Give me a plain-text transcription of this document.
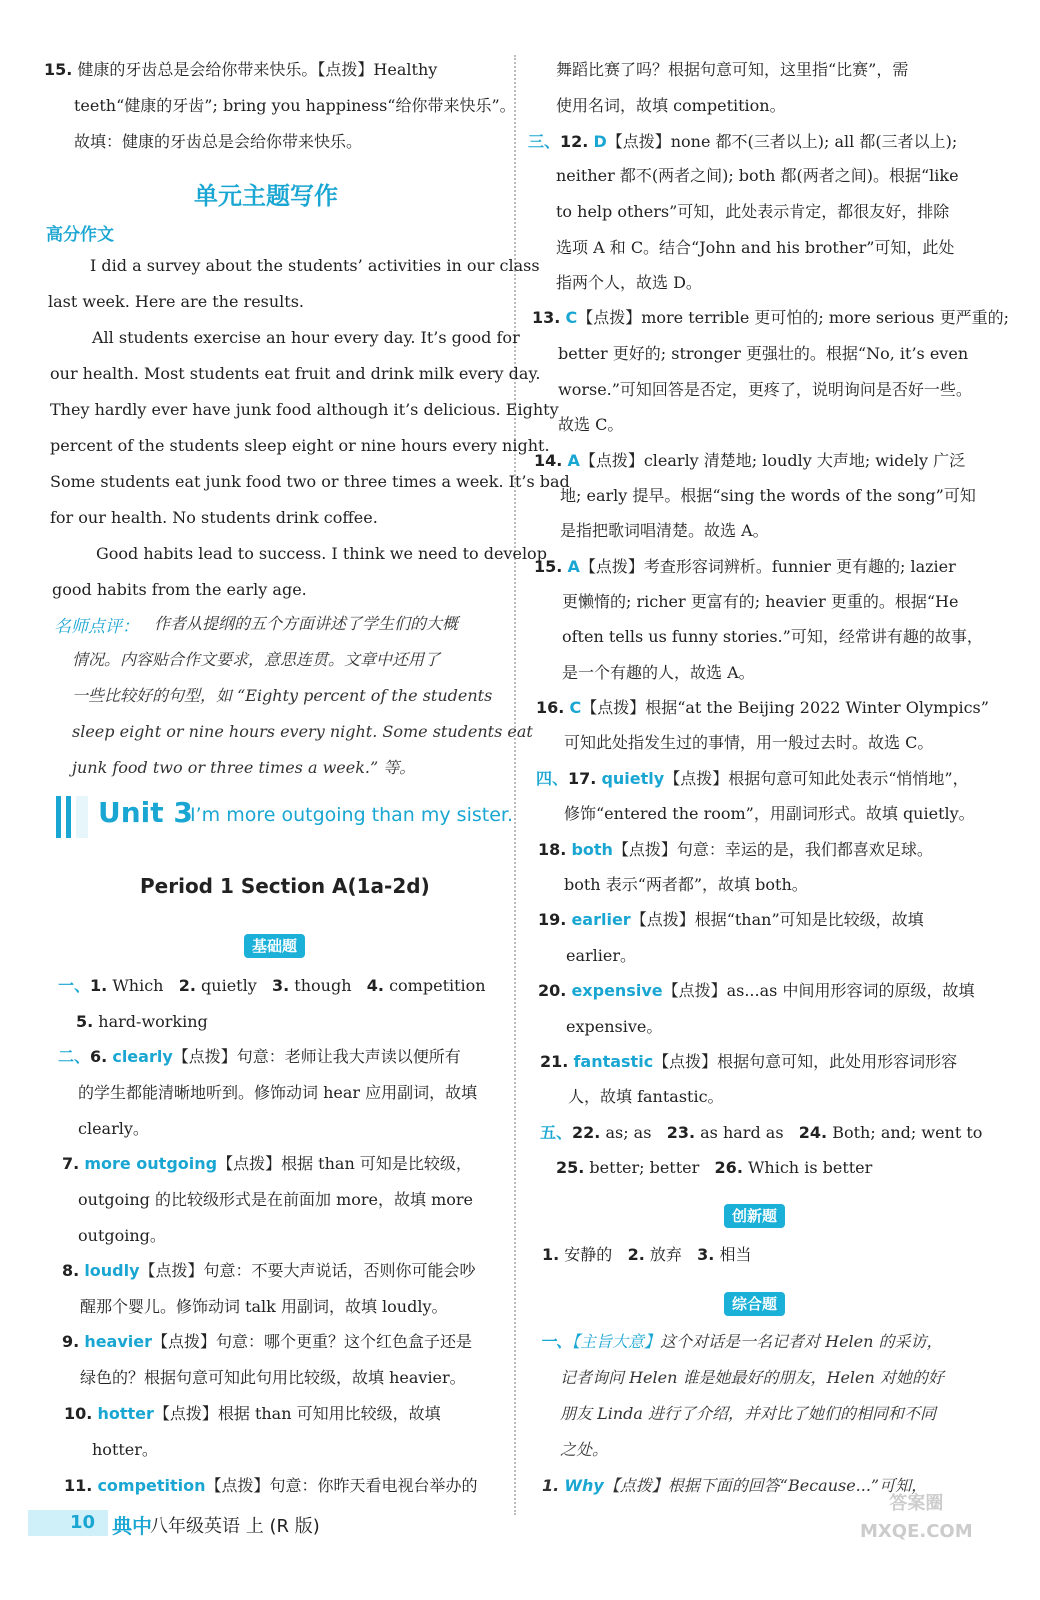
15. 健康的牙齿总是会给你带来快乐。【点拨】Healthy
teeth“健康的牙齿”; bring you happiness“给你带来快乐”。
故填：健康的牙齿总是会给你带来快乐。
I did a survey about the students’ activities in our class
last week. Here are the results.
All students exercise an hour every day. It’s good for
our health. Most students eat fruit and drink milk every day.
They hardly ever have junk food although it’s delicious. Eighty
percent of the students sleep eight or nine hours every night.
Some students eat junk food two or three times a week. It’s bad
for our health. No students drink coffee.
Good habits lead to success. I think we need to develop
good habits from the early age.
作者从提纲的五个方面讲述了学生们的大概
情况。内容贴合作文要求，意思连贯。文章中还用了
一些比较好的句型，如 “Eighty percent of the students
sleep eight or nine hours every night. Some students eat
junk food two or three times a week.” 等。
一、1. Which   2. quietly   3. though   4. competition
5. hard-working
二、6. clearly【点拨】句意：老师让我大声读以便所有
的学生都能清晰地听到。修饰动词 hear 应用副词，故填
clearly。
7. more outgoing【点拨】根据 than 可知是比较级，
outgoing 的比较级形式是在前面加 more，故填 more
outgoing。
8. loudly【点拨】句意：不要大声说话，否则你可能会吵
醒那个婴儿。修饰动词 talk 用副词，故填 loudly。
9. heavier【点拨】句意：哪个更重？这个红色盒子还是
绿色的？根据句意可知此句用比较级，故填 heavier。
10. hotter【点拨】根据 than 可知用比较级，故填
hotter。
11. competition【点拨】句意：你昨天看电视台举办的
舞蹈比赛了吗？根据句意可知，这里指“比赛”，需
使用名词，故填 competition。
三、12. D【点拨】none 都不(三者以上); all 都(三者以上);
neither 都不(两者之间); both 都(两者之间)。根据“like
to help others”可知，此处表示肯定，都很友好，排除
选项 A 和 C。结合“John and his brother”可知，此处
指两个人，故选 D。
13. C【点拨】more terrible 更可怕的; more serious 更严重的;
better 更好的; stronger 更强壮的。根据“No, it’s even
worse.”可知回答是否定，更疼了，说明询问是否好一些。
故选 C。
14. A【点拨】clearly 清楚地; loudly 大声地; widely 广泛
地; early 提早。根据“sing the words of the song”可知
是指把歌词唱清楚。故选 A。
15. A【点拨】考查形容词辨析。funnier 更有趣的; lazier
更懒惰的; richer 更富有的; heavier 更重的。根据“He
often tells us funny stories.”可知，经常讲有趣的故事，
是一个有趣的人，故选 A。
16. C【点拨】根据“at the Beijing 2022 Winter Olympics”
可知此处指发生过的事情，用一般过去时。故选 C。
四、17. quietly【点拨】根据句意可知此处表示“悄悄地”，
修饰“entered the room”，用副词形式。故填 quietly。
18. both【点拨】句意：幸运的是，我们都喜欢足球。
both 表示“两者都”，故填 both。
19. earlier【点拨】根据“than”可知是比较级，故填
earlier。
20. expensive【点拨】as...as 中间用形容词的原级，故填
expensive。
21. fantastic【点拨】根据句意可知，此处用形容词形容
人，故填 fantastic。
五、22. as; as   23. as hard as   24. Both; and; went to
25. better; better   26. Which is better
1. 安静的   2. 放弃   3. 相当
一、【主旨大意】这个对话是一名记者对 Helen 的采访，
记者询问 Helen 谁是她最好的朋友，Helen 对她的好
朋友 Linda 进行了介绍，并对比了她们的相同和不同
之处。
1. Why【点拨】根据下面的回答“Because...”可知，
单元主题写作
高分作文
名师点评：
Unit 3
I’m more outgoing than my sister.
Period 1 Section A(1a-2d)
基础题
创新题
综合题
10 典中
八年级英语 上 (R 版)
答案圈
MXQE.COM
